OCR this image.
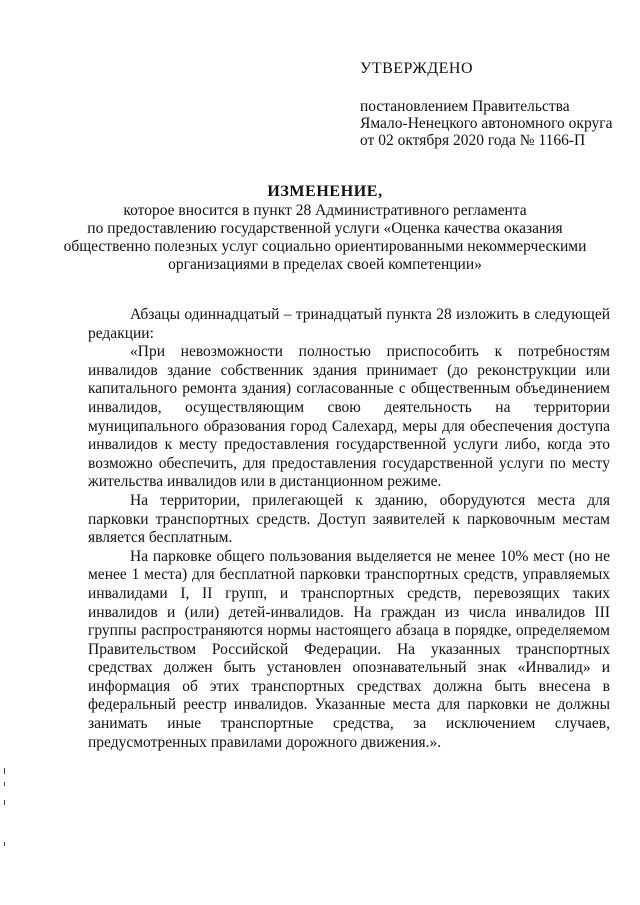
УТВЕРЖДЕНО
постановлением Правительства
Ямало-Ненецкого автономного округа
от 02 октября 2020 года № 1166-П
ИЗМЕНЕНИЕ,
которое вносится в пункт 28 Административного регламента
по предоставлению государственной услуги «Оценка качества оказания
общественно полезных услуг социально ориентированными некоммерческими
организациями в пределах своей компетенции»

Абзацы одиннадцатый – тринадцатый пункта 28 изложить в следующей редакции:

«При невозможности полностью приспособить к потребностям инвалидов здание собственник здания принимает (до реконструкции или капитального ремонта здания) согласованные с общественным объединением инвалидов, осуществляющим свою деятельность на территории муниципального образования город Салехард, меры для обеспечения доступа инвалидов к месту предоставления государственной услуги либо, когда это возможно обеспечить, для предоставления государственной услуги по месту жительства инвалидов или в дистанционном режиме.

На территории, прилегающей к зданию, оборудуются места для парковки транспортных средств. Доступ заявителей к парковочным местам является бесплатным.

На парковке общего пользования выделяется не менее 10% мест (но не менее 1 места) для бесплатной парковки транспортных средств, управляемых инвалидами I, II групп, и транспортных средств, перевозящих таких инвалидов и (или) детей-инвалидов. На граждан из числа инвалидов III группы распространяются нормы настоящего абзаца в порядке, определяемом Правительством Российской Федерации. На указанных транспортных средствах должен быть установлен опознавательный знак «Инвалид» и информация об этих транспортных средствах должна быть внесена в федеральный реестр инвалидов. Указанные места для парковки не должны занимать иные транспортные средства, за исключением случаев, предусмотренных правилами дорожного движения.».
